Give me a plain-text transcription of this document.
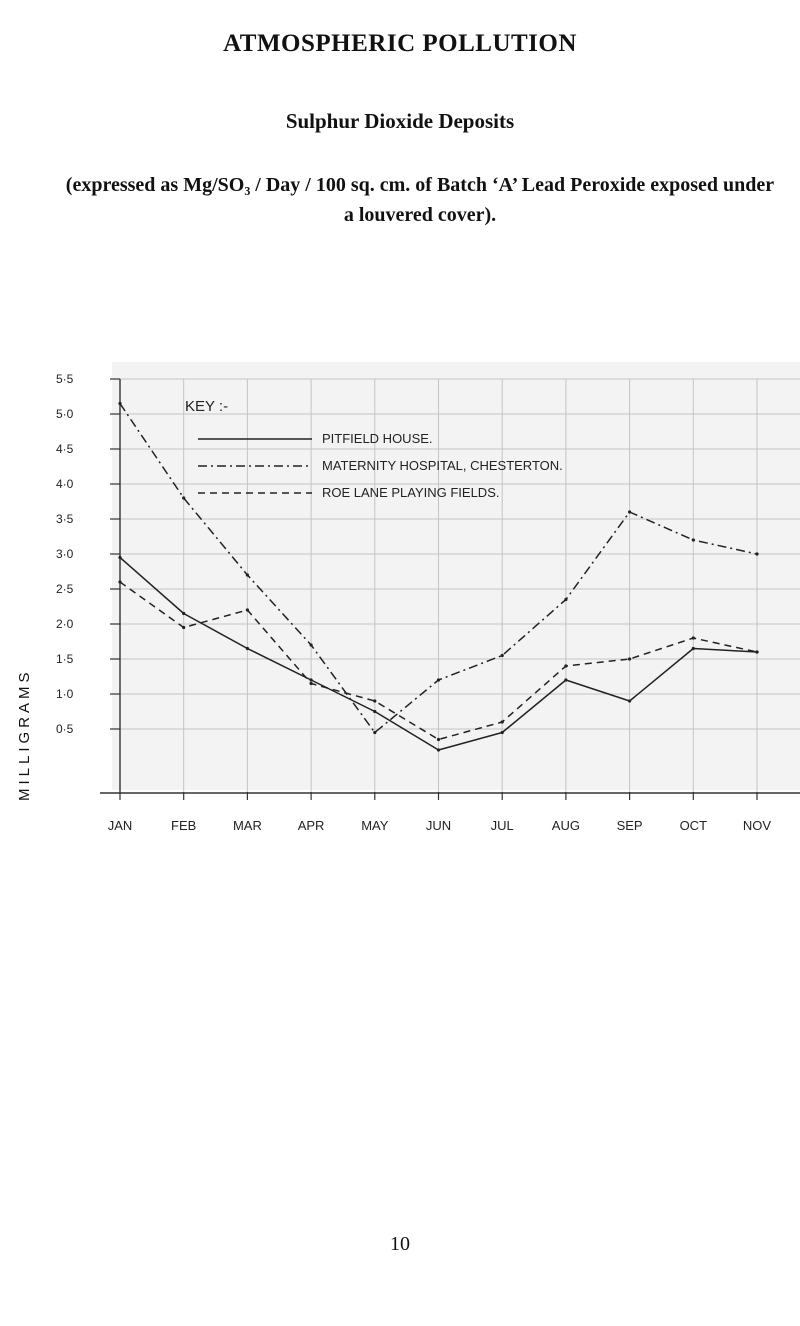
ATMOSPHERIC POLLUTION
Sulphur Dioxide Deposits
(expressed as Mg/SO₃ / Day / 100 sq. cm. of Batch ‘A’ Lead Peroxide exposed under a louvered cover).
MILLIGRAMS
5·5
5·0
4·5
4·0
3·5
3·0
2·5
2·0
1·5
1·0
0·5
KEY :-
PITFIELD HOUSE.
MATERNITY HOSPITAL, CHESTERTON.
ROE LANE PLAYING FIELDS.
10
JAN	FEB	MAR	APR	MAY	JUN	JUL	AUG	SEP	OCT	NOV
